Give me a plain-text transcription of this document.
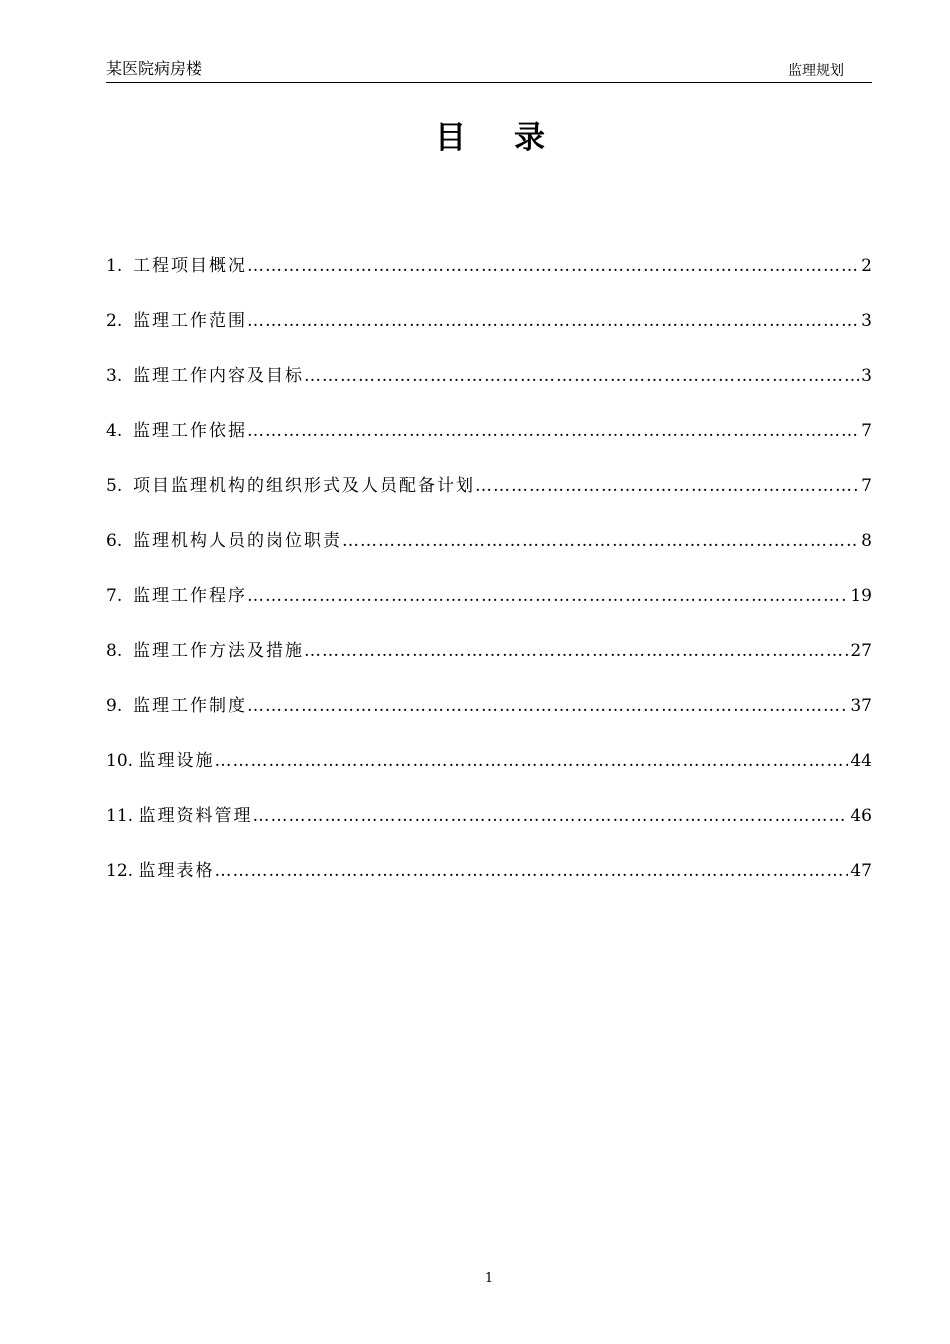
某医院病房楼	监理规划
目录
1. 工程项目概况 ………………………………………………………………………………………………………………………………………………………………	2
2. 监理工作范围 ………………………………………………………………………………………………………………………………………………………………	3
3. 监理工作内容及目标 ………………………………………………………………………………………………………………………………………………………………	3
4. 监理工作依据 ………………………………………………………………………………………………………………………………………………………………	7
5. 项目监理机构的组织形式及人员配备计划 ………………………………………………………………………………………………………………………………………………………………	7
6. 监理机构人员的岗位职责 ………………………………………………………………………………………………………………………………………………………………	8
7. 监理工作程序 ………………………………………………………………………………………………………………………………………………………………	19
8. 监理工作方法及措施 ………………………………………………………………………………………………………………………………………………………………	27
9. 监理工作制度 ………………………………………………………………………………………………………………………………………………………………	37
10. 监理设施 ………………………………………………………………………………………………………………………………………………………………	44
11. 监理资料管理 ………………………………………………………………………………………………………………………………………………………………	46
12. 监理表格 ………………………………………………………………………………………………………………………………………………………………	47
1
